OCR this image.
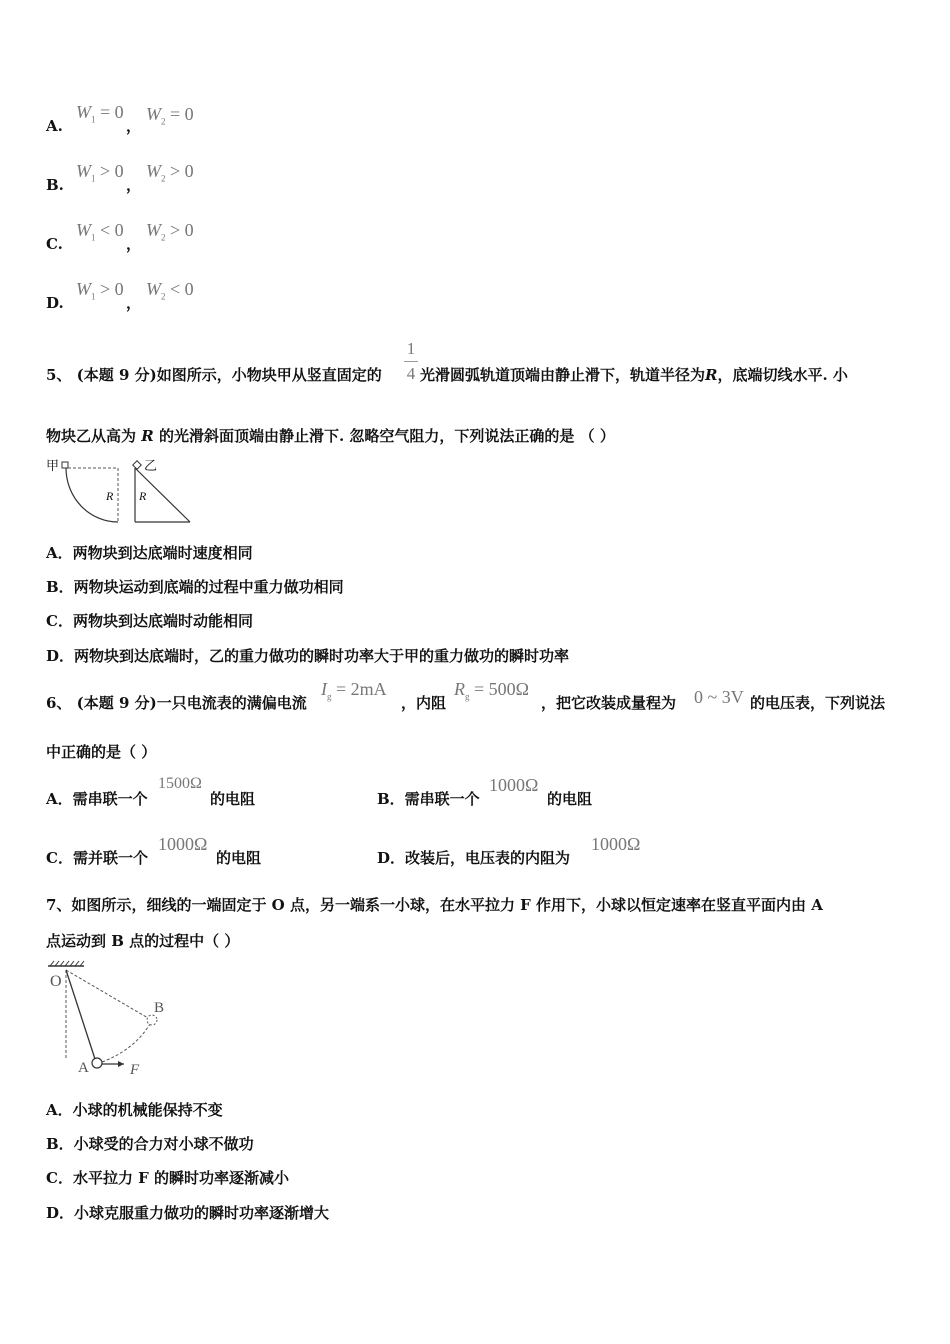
A.
$W_1 = 0$
，
$W_2 = 0$
B.
$W_1 > 0$
，
$W_2 > 0$
C.
$W_1 < 0$
，
$W_2 > 0$
D.
$W_1 > 0$
，
$W_2 < 0$
5、 (本题 9 分)如图所示，小物块甲从竖直固定的
1
4 光滑圆弧轨道顶端由静止滑下，轨道半径为R，底端切线水平. 小
物块乙从高为 R 的光滑斜面顶端由静止滑下. 忽略空气阻力，下列说法正确的是 （ ）
甲
R
乙
R
A．两物块到达底端时速度相同
B．两物块运动到底端的过程中重力做功相同
C．两物块到达底端时动能相同
D．两物块到达底端时，乙的重力做功的瞬时功率大于甲的重力做功的瞬时功率
6、 (本题 9 分)一只电流表的满偏电流
$I_g = 2mA$
，内阻
$R_g = 500\Omega$
，把它改装成量程为 0 ~ 3V 的电压表，下列说法
中正确的是（ ）
A．需串联一个
1500Ω
的电阻	B．需串联一个
1000Ω
的电阻
C．需并联一个
1000Ω
的电阻	D．改装后，电压表的内阻为
1000Ω
7、如图所示，细线的一端固定于 O 点，另一端系一小球，在水平拉力 F 作用下，小球以恒定速率在竖直平面内由 A
点运动到 B 点的过程中（ ）
O
A
B
F
A．小球的机械能保持不变
B．小球受的合力对小球不做功
C．水平拉力 F 的瞬时功率逐渐减小
D．小球克服重力做功的瞬时功率逐渐增大
